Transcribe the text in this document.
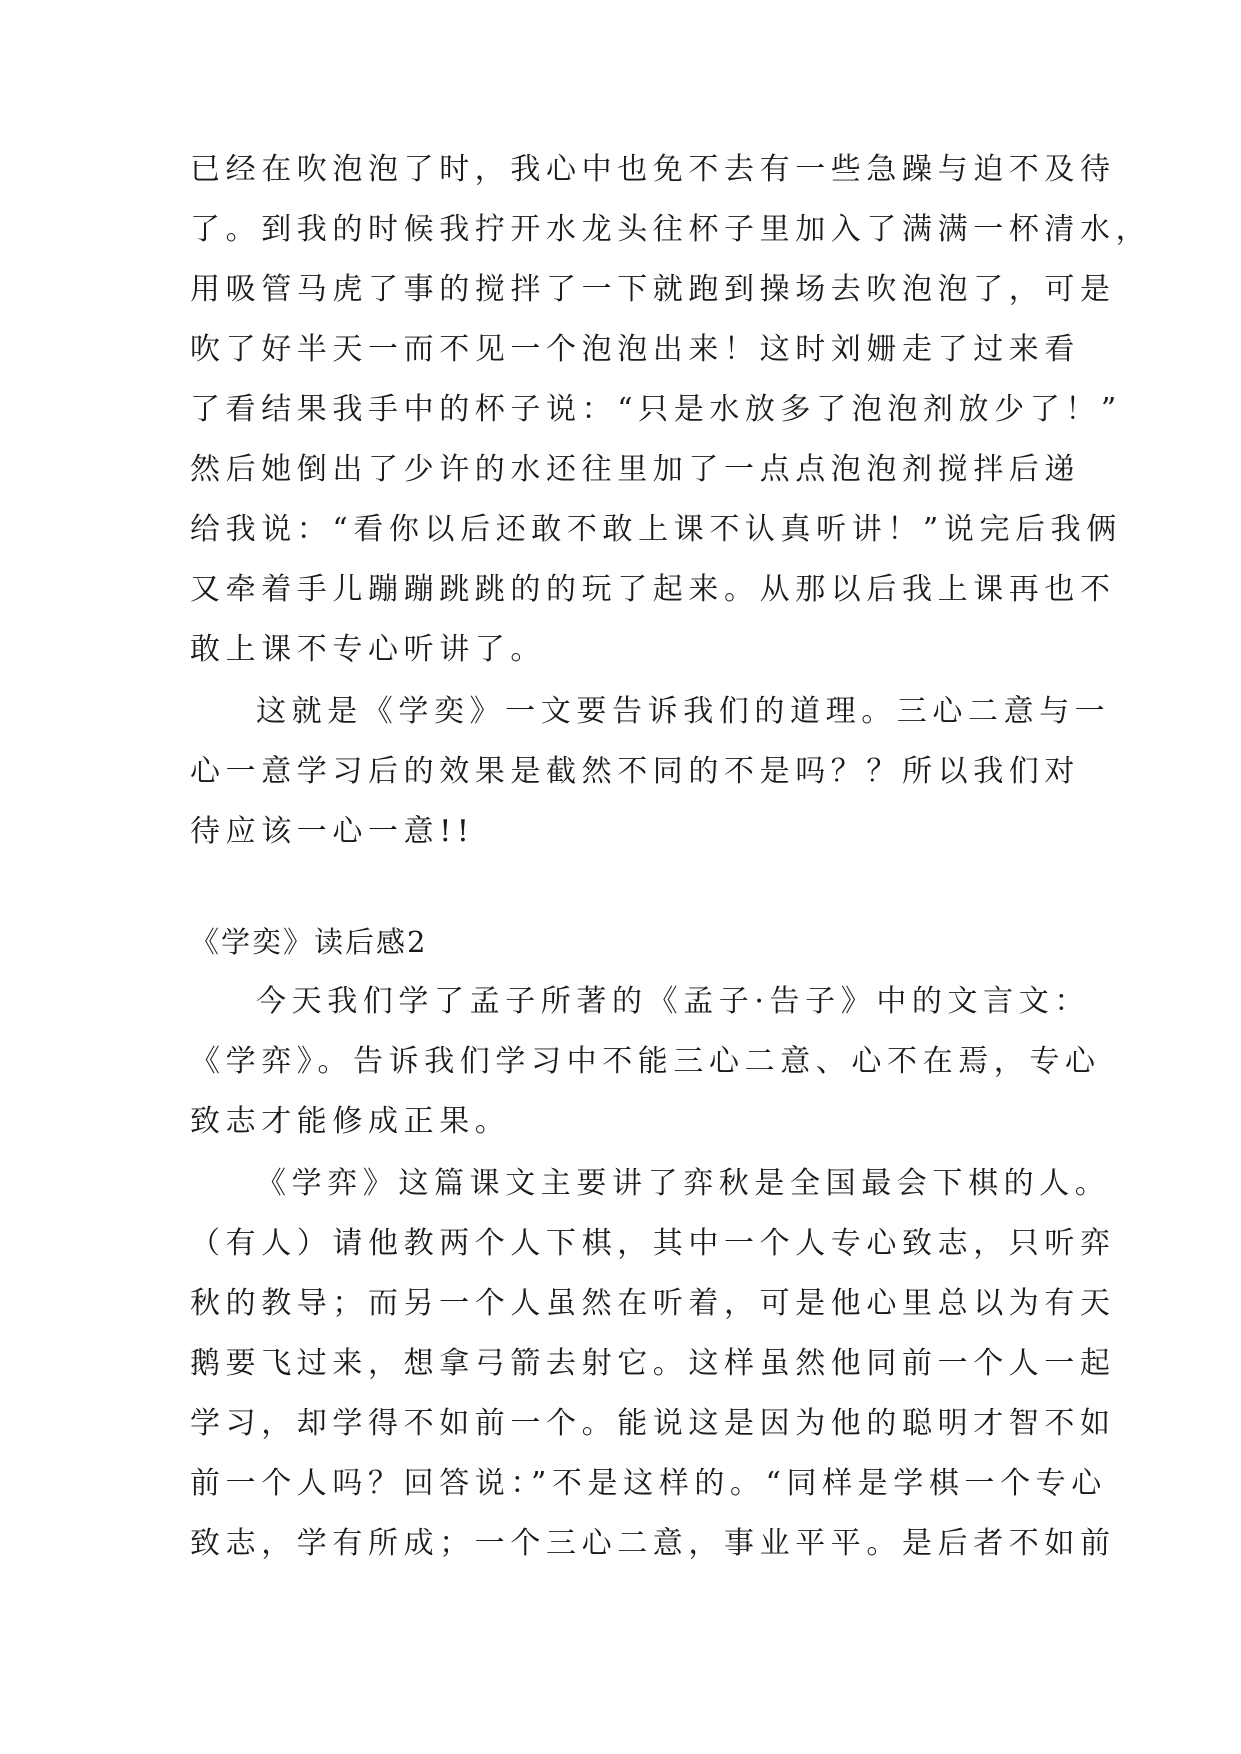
已经在吹泡泡了时，我心中也免不去有一些急躁与迫不及待
了。到我的时候我拧开水龙头往杯子里加入了满满一杯清水，
用吸管马虎了事的搅拌了一下就跑到操场去吹泡泡了，可是
吹了好半天一而不见一个泡泡出来！这时刘姗走了过来看
了看结果我手中的杯子说：“只是水放多了泡泡剂放少了！”
然后她倒出了少许的水还往里加了一点点泡泡剂搅拌后递
给我说：“看你以后还敢不敢上课不认真听讲！”说完后我俩
又牵着手儿蹦蹦跳跳的的玩了起来。从那以后我上课再也不
敢上课不专心听讲了。
这就是《学奕》一文要告诉我们的道理。三心二意与一
心一意学习后的效果是截然不同的不是吗？？所以我们对
待应该一心一意!!
《学奕》读后感2
今天我们学了孟子所著的《孟子·告子》中的文言文：
《学弈》。告诉我们学习中不能三心二意、心不在焉，专心
致志才能修成正果。
《学弈》这篇课文主要讲了弈秋是全国最会下棋的人。
（有人）请他教两个人下棋，其中一个人专心致志，只听弈
秋的教导；而另一个人虽然在听着，可是他心里总以为有天
鹅要飞过来，想拿弓箭去射它。这样虽然他同前一个人一起
学习，却学得不如前一个。能说这是因为他的聪明才智不如
前一个人吗？回答说：”不是这样的。“同样是学棋一个专心
致志，学有所成；一个三心二意，事业平平。是后者不如前
